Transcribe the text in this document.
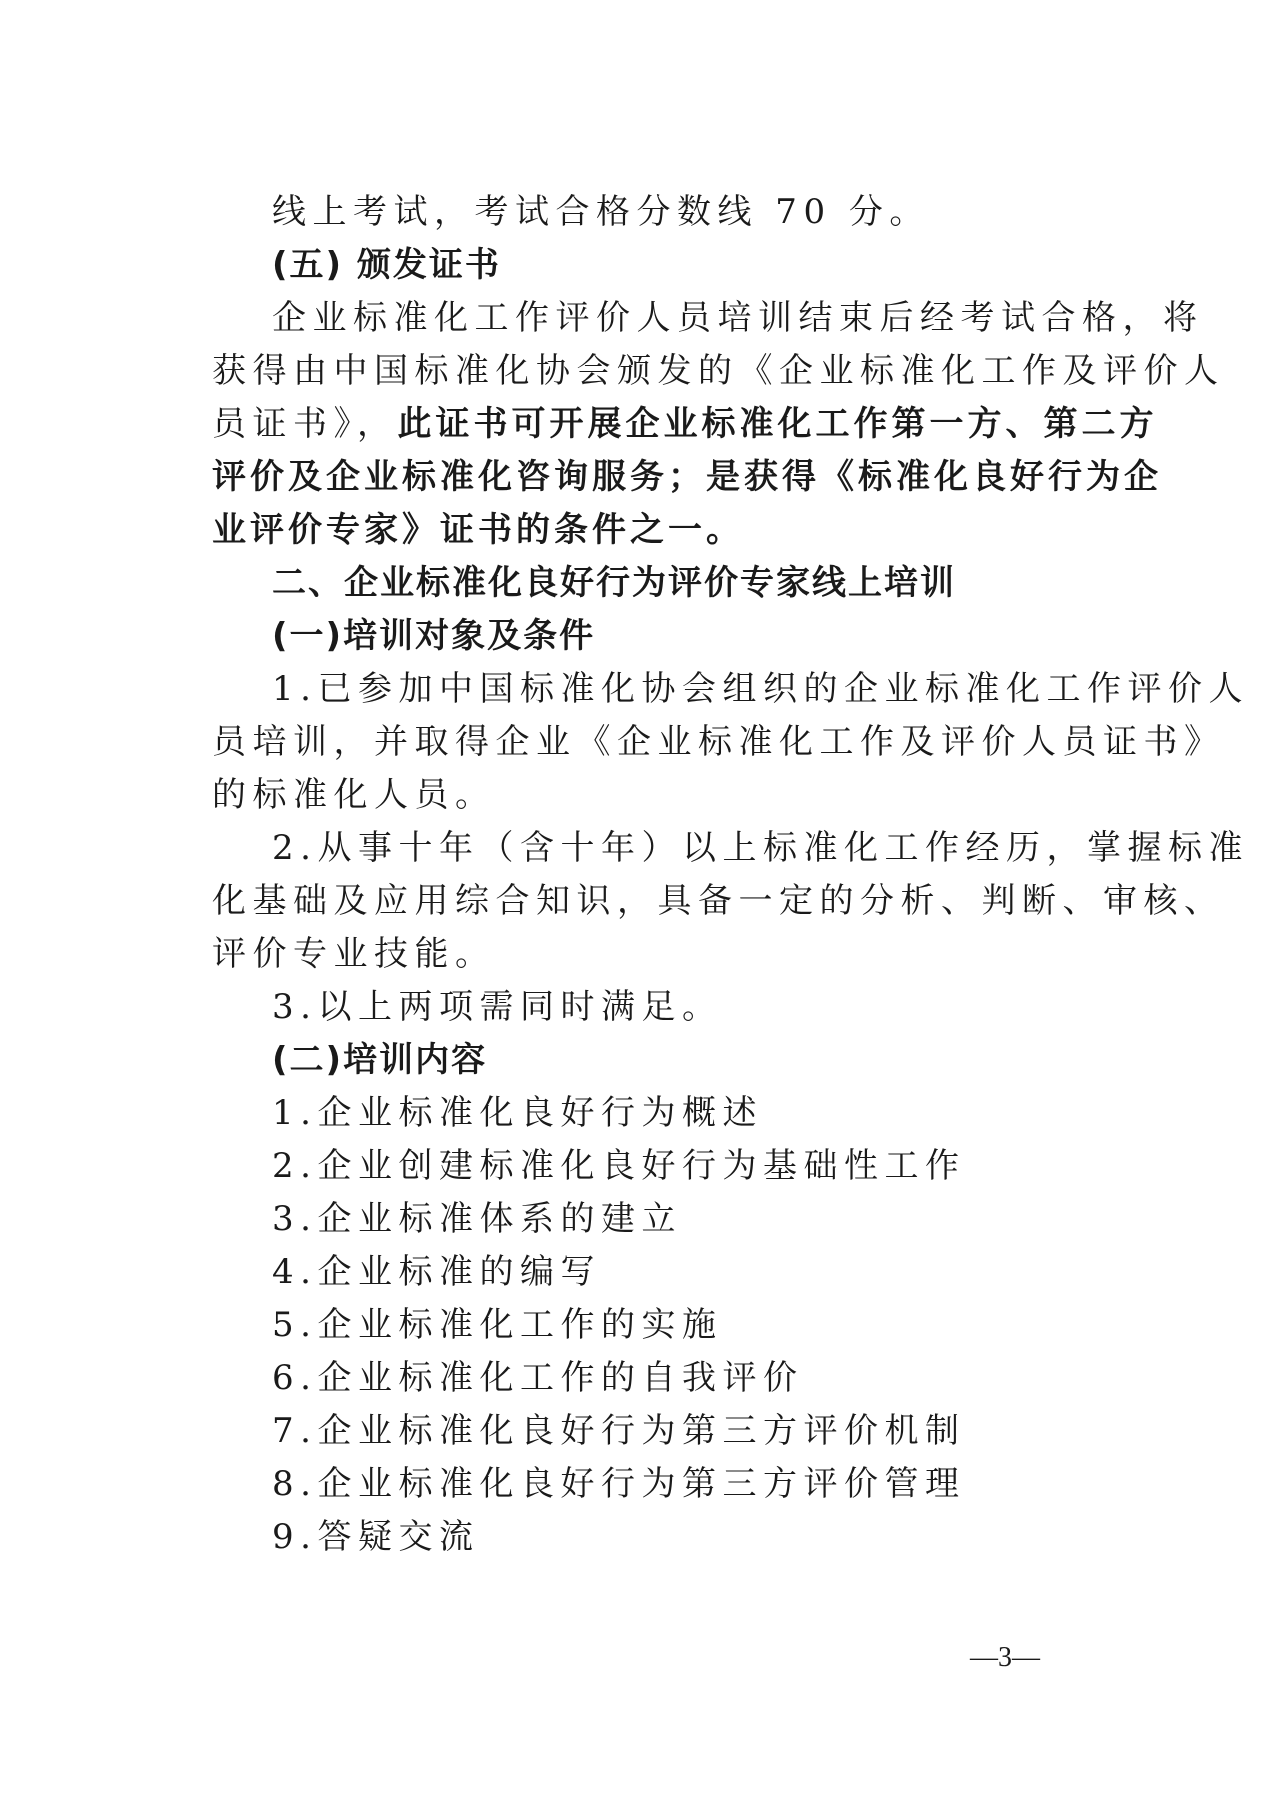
线上考试，考试合格分数线 70 分。
(五) 颁发证书
企业标准化工作评价人员培训结束后经考试合格，将
获得由中国标准化协会颁发的《企业标准化工作及评价人
员证书》，此证书可开展企业标准化工作第一方、第二方
评价及企业标准化咨询服务；是获得《标准化良好行为企
业评价专家》证书的条件之一。
二、企业标准化良好行为评价专家线上培训
(一)培训对象及条件
1.已参加中国标准化协会组织的企业标准化工作评价人
员培训，并取得企业《企业标准化工作及评价人员证书》
的标准化人员。
2.从事十年（含十年）以上标准化工作经历，掌握标准
化基础及应用综合知识，具备一定的分析、判断、审核、
评价专业技能。
3.以上两项需同时满足。
(二)培训内容
1.企业标准化良好行为概述
2.企业创建标准化良好行为基础性工作
3.企业标准体系的建立
4.企业标准的编写
5.企业标准化工作的实施
6.企业标准化工作的自我评价
7.企业标准化良好行为第三方评价机制
8.企业标准化良好行为第三方评价管理
9.答疑交流
—3—
